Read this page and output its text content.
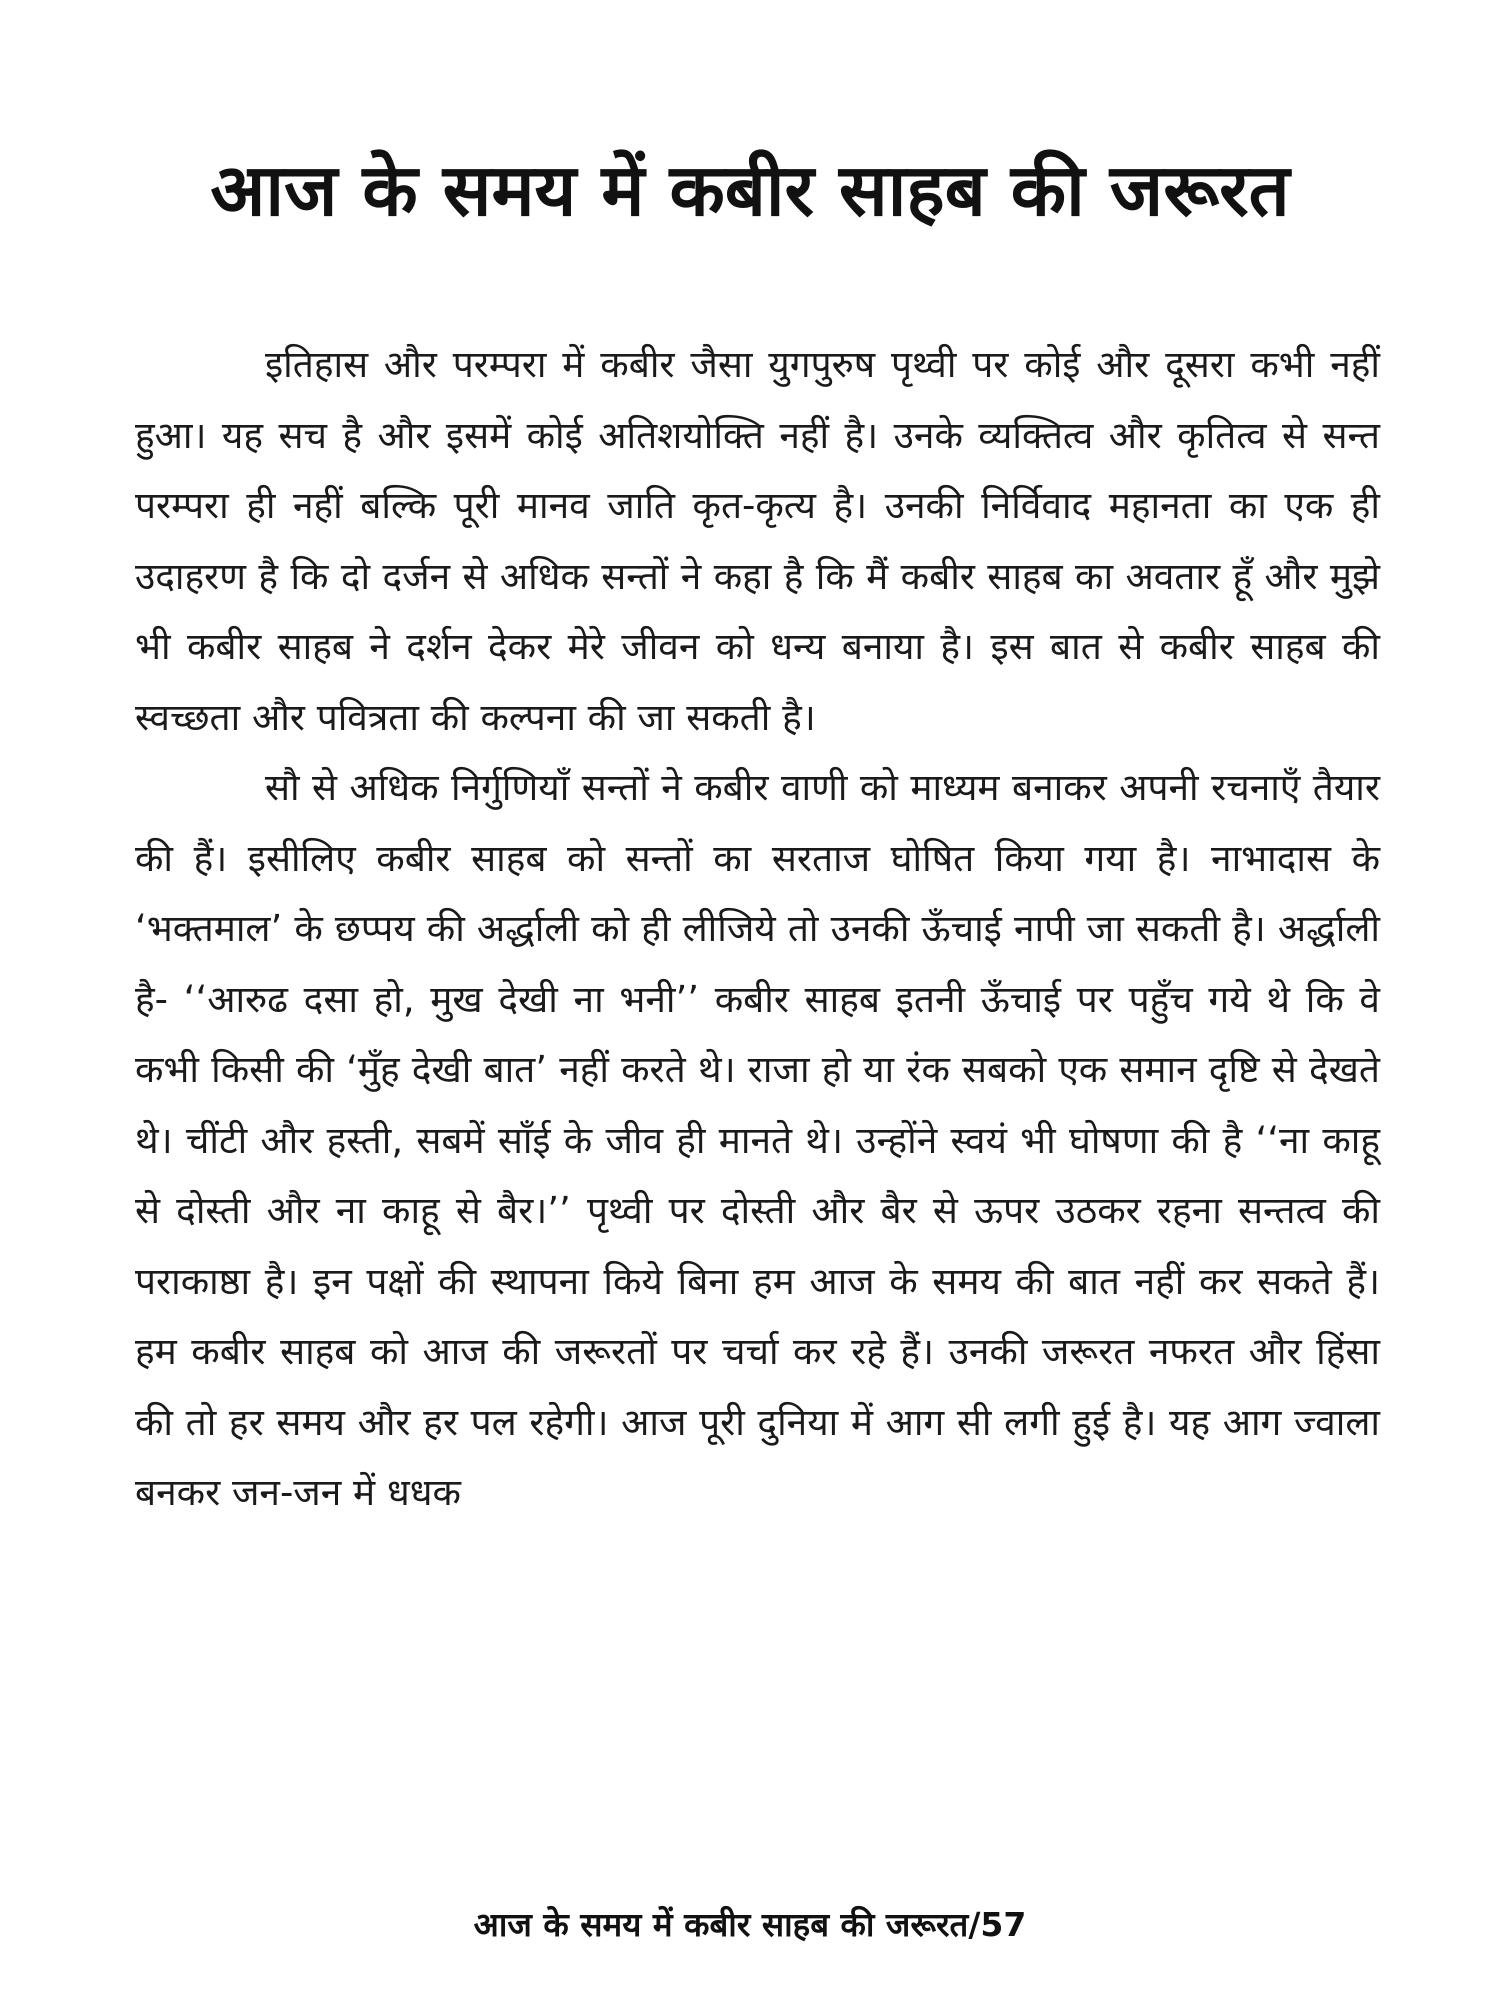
आज के समय में कबीर साहब की जरूरत

इतिहास और परम्परा में कबीर जैसा युगपुरुष पृथ्वी पर कोई और दूसरा कभी नहीं हुआ। यह सच है और इसमें कोई अतिशयोक्ति नहीं है। उनके व्यक्तित्व और कृतित्व से सन्त परम्परा ही नहीं बल्कि पूरी मानव जाति कृत-कृत्य है। उनकी निर्विवाद महानता का एक ही उदाहरण है कि दो दर्जन से अधिक सन्तों ने कहा है कि मैं कबीर साहब का अवतार हूँ और मुझे भी कबीर साहब ने दर्शन देकर मेरे जीवन को धन्य बनाया है। इस बात से कबीर साहब की स्वच्छता और पवित्रता की कल्पना की जा सकती है।

सौ से अधिक निर्गुणियाँ सन्तों ने कबीर वाणी को माध्यम बनाकर अपनी रचनाएँ तैयार की हैं। इसीलिए कबीर साहब को सन्तों का सरताज घोषित किया गया है। नाभादास के ‘भक्तमाल’ के छप्पय की अर्द्धाली को ही लीजिये तो उनकी ऊँचाई नापी जा सकती है। अर्द्धाली है- ‘‘आरुढ दसा हो, मुख देखी ना भनी’’ कबीर साहब इतनी ऊँचाई पर पहुँच गये थे कि वे कभी किसी की ‘मुँह देखी बात’ नहीं करते थे। राजा हो या रंक सबको एक समान दृष्टि से देखते थे। चींटी और हस्ती, सबमें साँई के जीव ही मानते थे। उन्होंने स्वयं भी घोषणा की है ‘‘ना काहू से दोस्ती और ना काहू से बैर।’’ पृथ्वी पर दोस्ती और बैर से ऊपर उठकर रहना सन्तत्व की पराकाष्ठा है। इन पक्षों की स्थापना किये बिना हम आज के समय की बात नहीं कर सकते हैं। हम कबीर साहब को आज की जरूरतों पर चर्चा कर रहे हैं। उनकी जरूरत नफरत और हिंसा की तो हर समय और हर पल रहेगी। आज पूरी दुनिया में आग सी लगी हुई है। यह आग ज्वाला बनकर जन-जन में धधक

आज के समय में कबीर साहब की जरूरत/57
